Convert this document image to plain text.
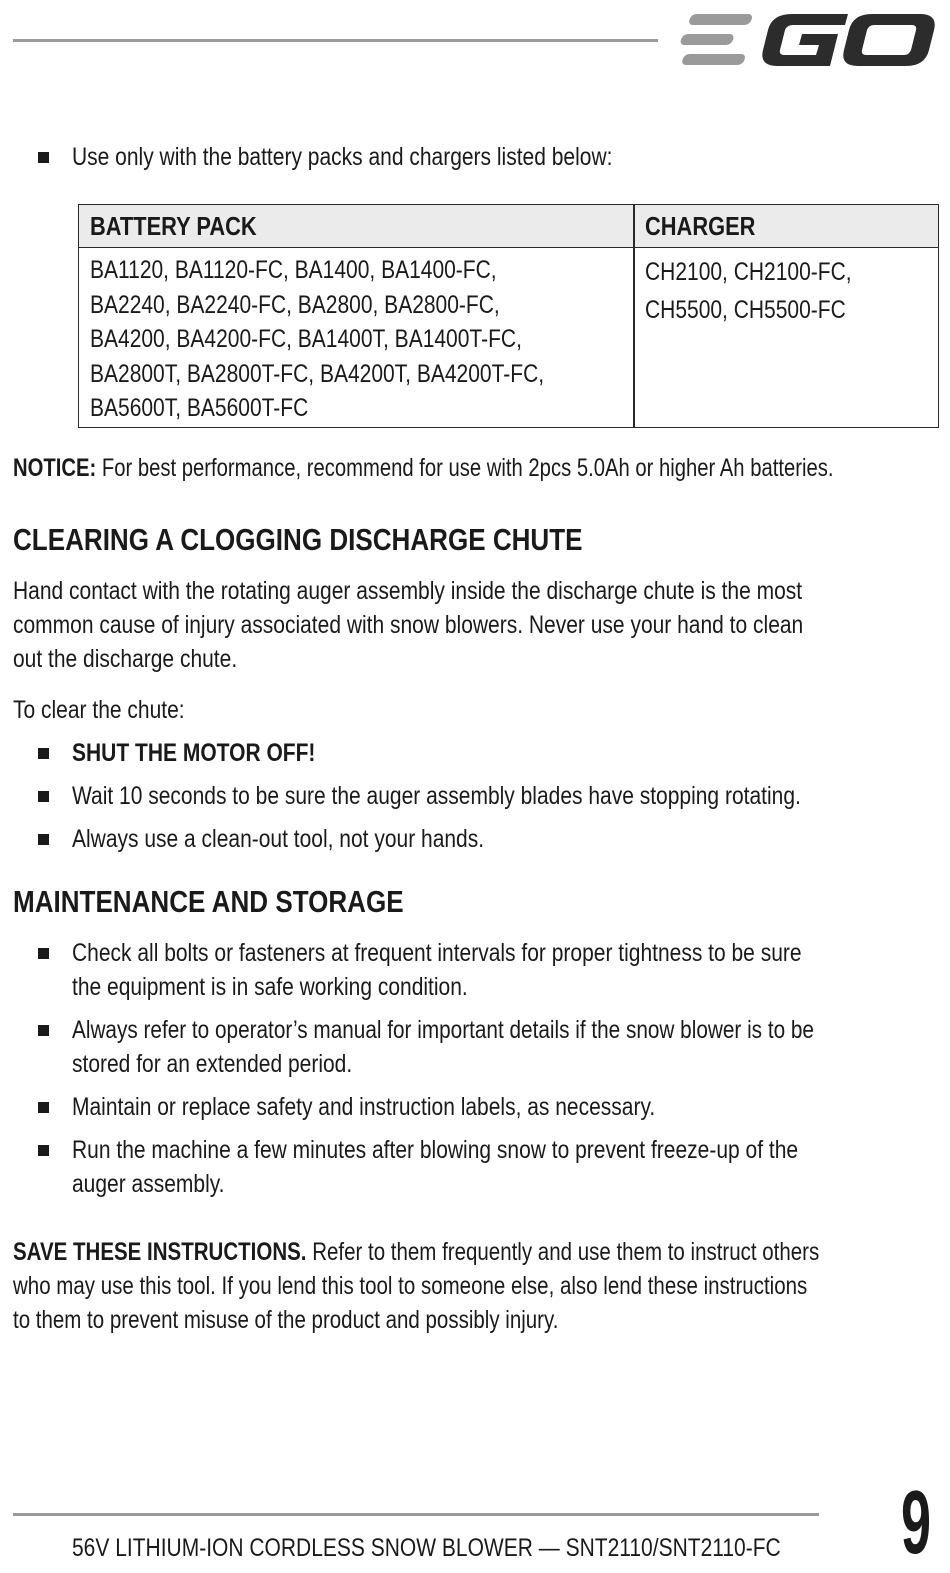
Use only with the battery packs and chargers listed below:
BATTERY PACK	CHARGER
BA1120, BA1120-FC, BA1400, BA1400-FC,
BA2240, BA2240-FC, BA2800, BA2800-FC,
BA4200, BA4200-FC, BA1400T, BA1400T-FC,
BA2800T, BA2800T-FC, BA4200T, BA4200T-FC,
BA5600T, BA5600T-FC
CH2100, CH2100-FC,
CH5500, CH5500-FC
NOTICE: For best performance, recommend for use with 2pcs 5.0Ah or higher Ah batteries.
CLEARING A CLOGGING DISCHARGE CHUTE
Hand contact with the rotating auger assembly inside the discharge chute is the most
common cause of injury associated with snow blowers. Never use your hand to clean
out the discharge chute.
To clear the chute:
SHUT THE MOTOR OFF!
Wait 10 seconds to be sure the auger assembly blades have stopping rotating.
Always use a clean-out tool, not your hands.
MAINTENANCE AND STORAGE
Check all bolts or fasteners at frequent intervals for proper tightness to be sure
the equipment is in safe working condition.
Always refer to operator’s manual for important details if the snow blower is to be
stored for an extended period.
Maintain or replace safety and instruction labels, as necessary.
Run the machine a few minutes after blowing snow to prevent freeze-up of the
auger assembly.
SAVE THESE INSTRUCTIONS. Refer to them frequently and use them to instruct others
who may use this tool. If you lend this tool to someone else, also lend these instructions
to them to prevent misuse of the product and possibly injury.
56V LITHIUM-ION CORDLESS SNOW BLOWER — SNT2110/SNT2110-FC	9
